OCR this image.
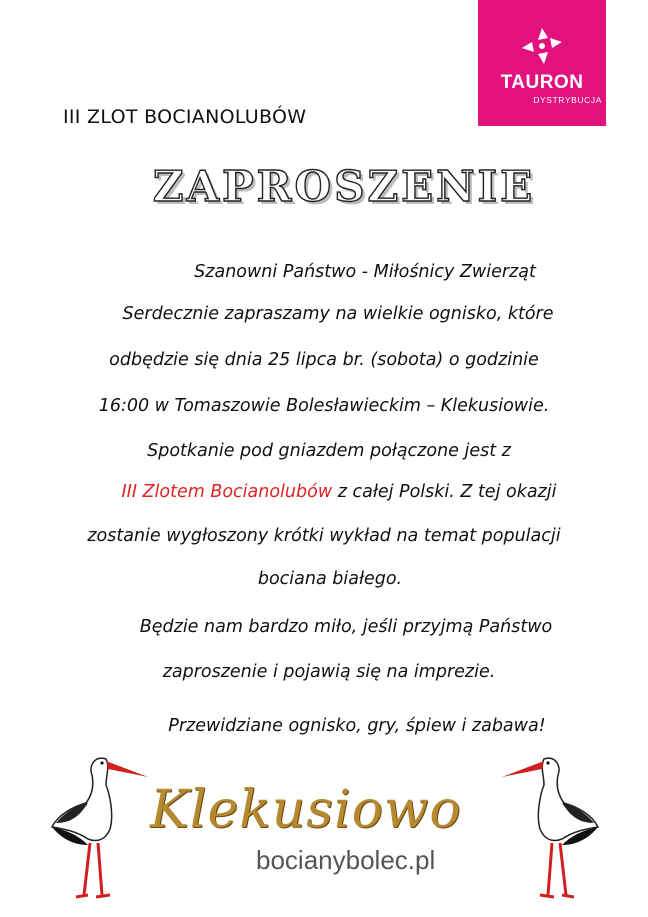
TAURON
DYSTRYBUCJA
III ZLOT BOCIANOLUBÓW
ZAPROSZENIE
Szanowni Państwo - Miłośnicy Zwierząt
Serdecznie zapraszamy na wielkie ognisko, które
odbędzie się dnia 25 lipca br. (sobota) o godzinie
16:00 w Tomaszowie Bolesławieckim – Klekusiowie.
Spotkanie pod gniazdem połączone jest z
III Zlotem Bocianolubów z całej Polski. Z tej okazji
zostanie wygłoszony krótki wykład na temat populacji
bociana białego.
Będzie nam bardzo miło, jeśli przyjmą Państwo
zaproszenie i pojawią się na imprezie.
Przewidziane ognisko, gry, śpiew i zabawa!
Klekusiowo
bocianybolec.pl
